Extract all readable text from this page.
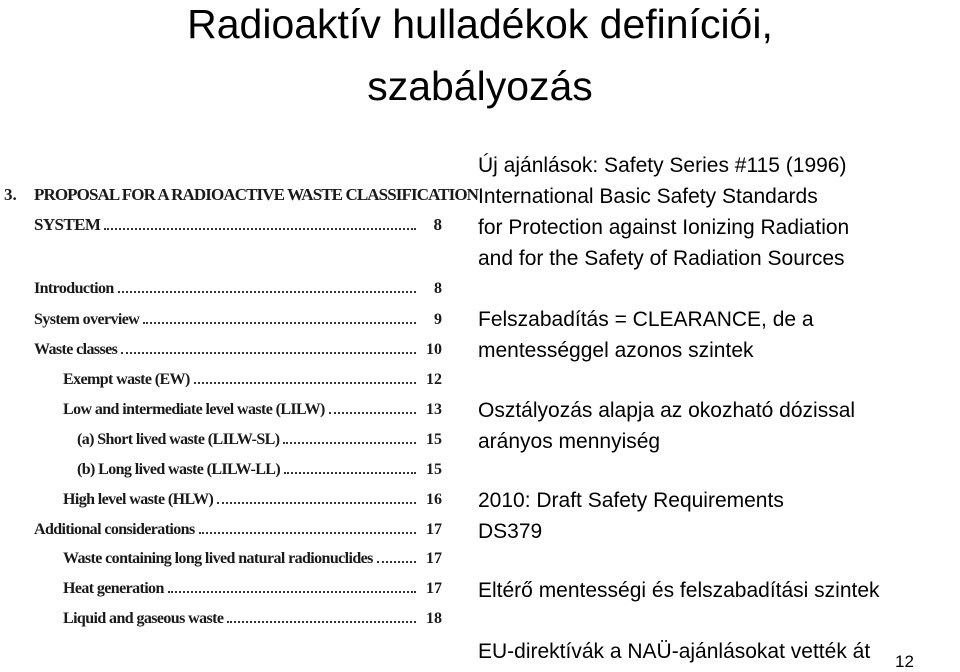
Radioaktív hulladékok definíciói,
szabályozás
3. PROPOSAL FOR A RADIOACTIVE WASTE CLASSIFICATION
SYSTEM	8
Introduction	8
System overview	9
Waste classes	10
Exempt waste (EW)	12
Low and intermediate level waste (LILW)	13
(a) Short lived waste (LILW-SL)	15
(b) Long lived waste (LILW-LL)	15
High level waste (HLW)	16
Additional considerations	17
Waste containing long lived natural radionuclides	17
Heat generation	17
Liquid and gaseous waste	18
Új ajánlások: Safety Series #115 (1996)
International Basic Safety Standards
for Protection against Ionizing Radiation
and for the Safety of Radiation Sources
Felszabadítás = CLEARANCE, de a
mentességgel azonos szintek
Osztályozás alapja az okozható dózissal
arányos mennyiség
2010: Draft Safety Requirements
DS379
Eltérő mentességi és felszabadítási szintek
EU-direktívák a NAÜ-ajánlásokat vették át 12
